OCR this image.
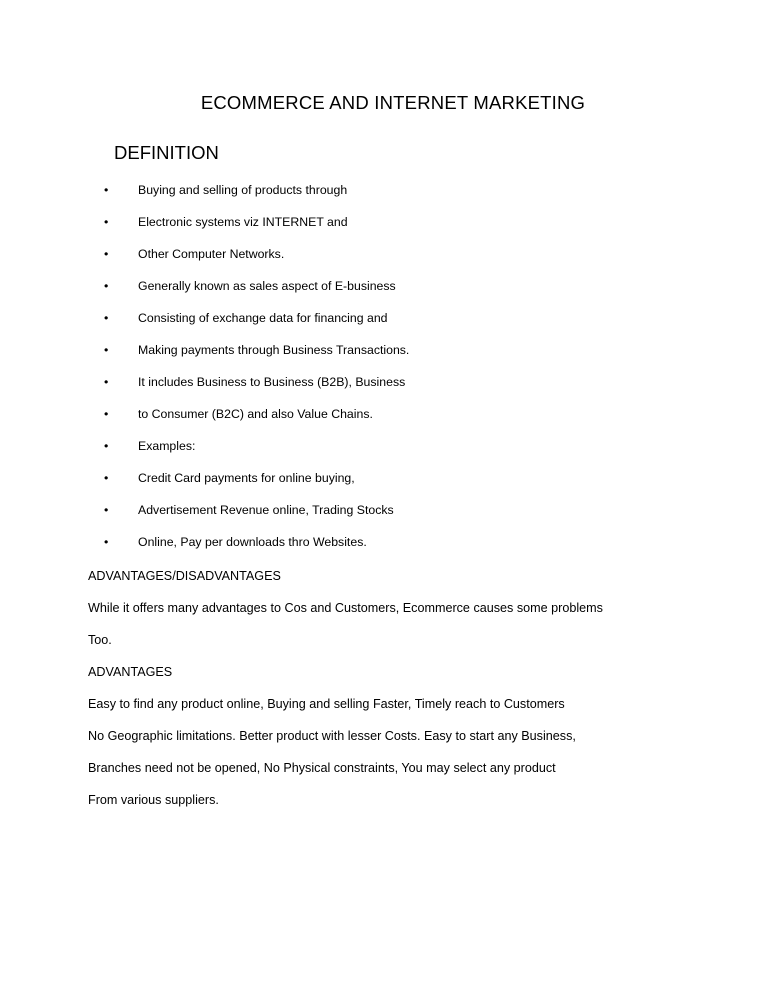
ECOMMERCE AND INTERNET MARKETING
DEFINITION
•	Buying and selling of products through
•	Electronic systems viz INTERNET and
•	Other Computer Networks.
•	Generally known as sales aspect of E-business
•	Consisting of exchange data for financing and
•	Making payments through Business Transactions.
•	It includes Business to Business (B2B), Business
•	to Consumer (B2C) and also Value Chains.
•	Examples:
•	Credit Card payments for online buying,
•	Advertisement Revenue online, Trading Stocks
•	Online, Pay per downloads thro Websites.

ADVANTAGES/DISADVANTAGES

While it offers many advantages to Cos and Customers, Ecommerce causes some problems

Too.

ADVANTAGES

Easy to find any product online, Buying and selling Faster, Timely reach to Customers

No Geographic limitations. Better product with lesser Costs. Easy to start any Business,

Branches need not be opened, No Physical constraints, You may select any product

From various suppliers.
